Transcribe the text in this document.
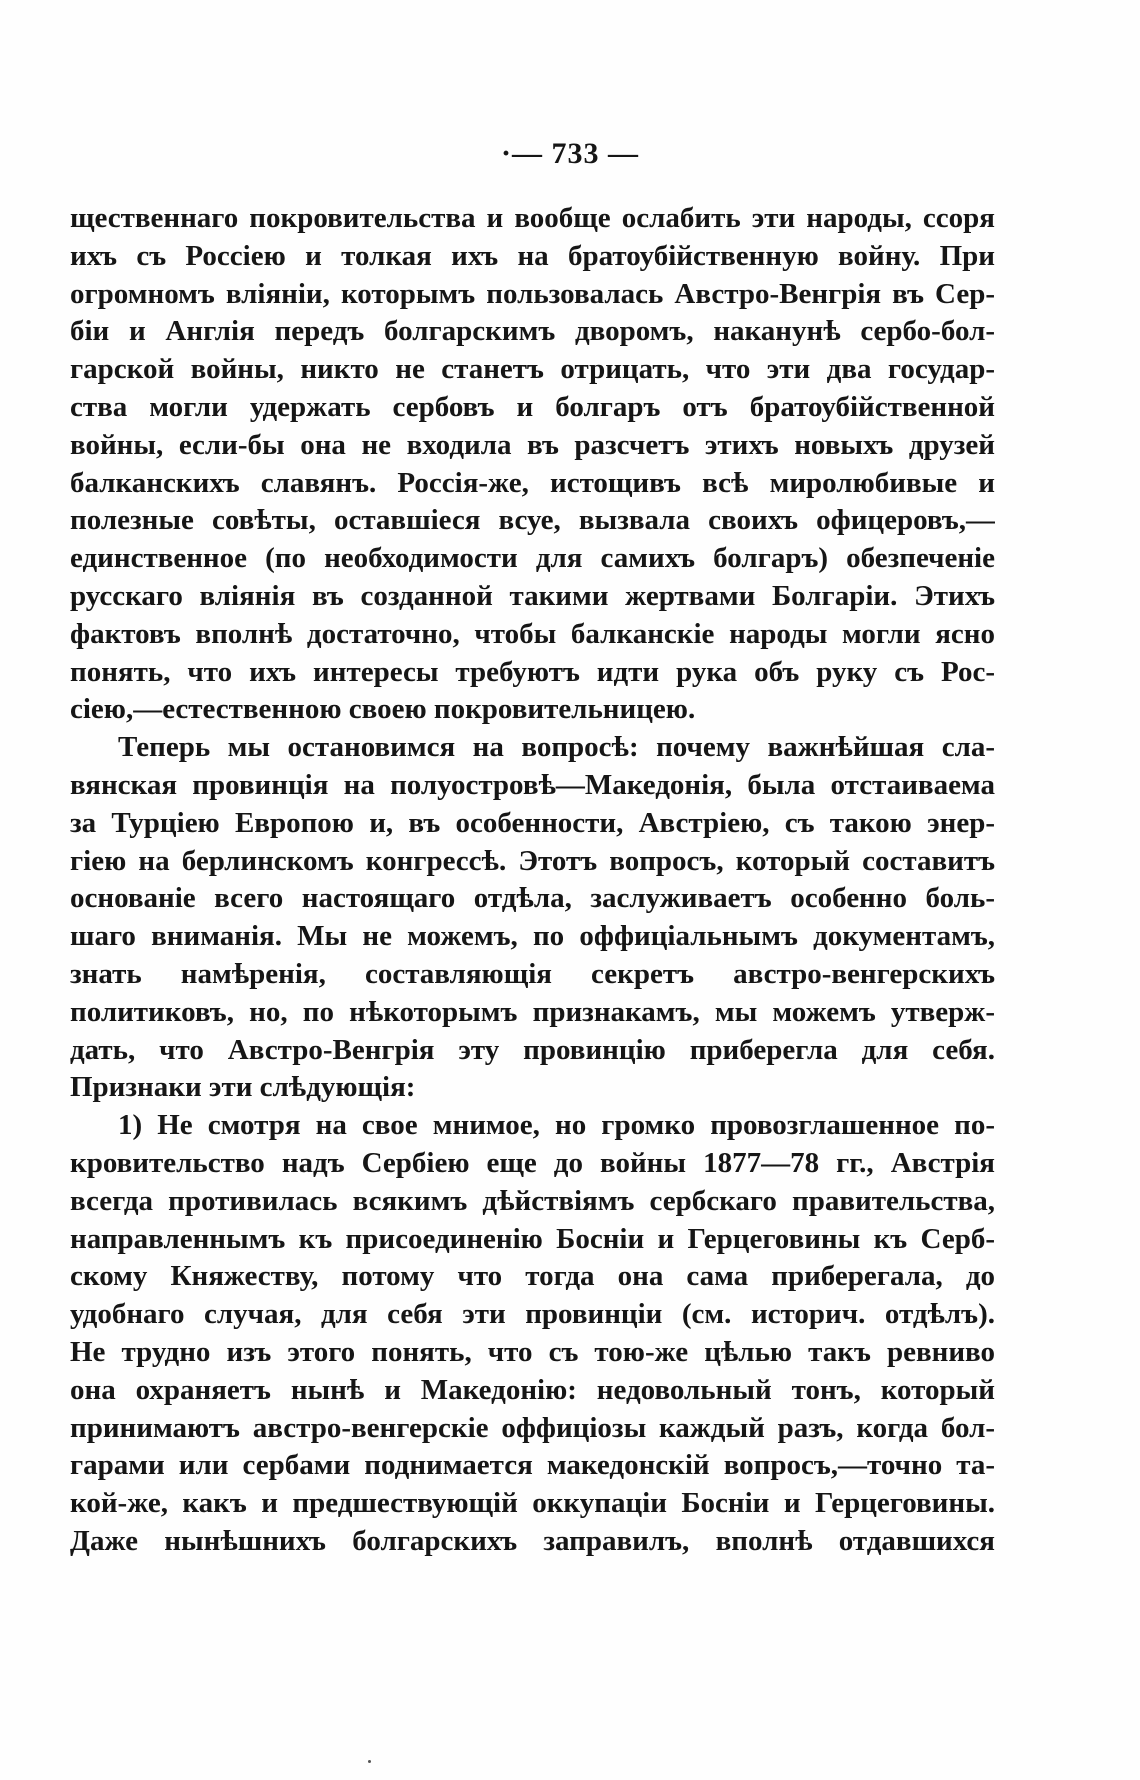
·— 733 —
щественнаго покровительства и вообще ослабить эти народы, ссоря
ихъ съ Россiею и толкая ихъ на братоубiйственную войну. При
огромномъ влiянiи, которымъ пользовалась Австро-Венгрiя въ Сер-
бiи и Англiя передъ болгарскимъ дворомъ, наканунѣ сербо-бол-
гарской войны, никто не станетъ отрицать, что эти два государ-
ства могли удержать сербовъ и болгаръ отъ братоубiйственной
войны, если-бы она не входила въ разсчетъ этихъ новыхъ друзей
балканскихъ славянъ. Россiя-же, истощивъ всѣ миролюбивые и
полезные совѣты, оставшiеся всуе, вызвала своихъ офицеровъ,—
единственное (по необходимости для самихъ болгаръ) обезпеченiе
русскаго влiянiя въ созданной такими жертвами Болгарiи. Этихъ
фактовъ вполнѣ достаточно, чтобы балканскiе народы могли ясно
понять, что ихъ интересы требуютъ идти рука объ руку съ Рос-
сiею,—естественною своею покровительницею.
Теперь мы остановимся на вопросѣ: почему важнѣйшая сла-
вянская провинцiя на полуостровѣ—Македонiя, была отстаиваема
за Турцiею Европою и, въ особенности, Австрiею, съ такою энер-
гiею на берлинскомъ конгрессѣ. Этотъ вопросъ, который составитъ
основанiе всего настоящаго отдѣла, заслуживаетъ особенно боль-
шаго вниманiя. Мы не можемъ, по оффицiальнымъ документамъ,
знать намѣренiя, составляющiя секретъ австро-венгерскихъ
политиковъ, но, по нѣкоторымъ признакамъ, мы можемъ утверж-
дать, что Австро-Венгрiя эту провинцiю приберегла для себя.
Признаки эти слѣдующiя:
1) Не смотря на свое мнимое, но громко провозглашенное по-
кровительство надъ Сербiею еще до войны 1877—78 гг., Австрiя
всегда противилась всякимъ дѣйствiямъ сербскаго правительства,
направленнымъ къ присоединенiю Боснiи и Герцеговины къ Серб-
скому Княжеству, потому что тогда она сама приберегала, до
удобнаго случая, для себя эти провинцiи (см. историч. отдѣлъ).
Не трудно изъ этого понять, что съ тою-же цѣлью такъ ревниво
она охраняетъ нынѣ и Македонiю: недовольный тонъ, который
принимаютъ австро-венгерскiе оффицiозы каждый разъ, когда бол-
гарами или сербами поднимается македонскiй вопросъ,—точно та-
кой-же, какъ и предшествующiй оккупацiи Боснiи и Герцеговины.
Даже нынѣшнихъ болгарскихъ заправилъ, вполнѣ отдавшихся
